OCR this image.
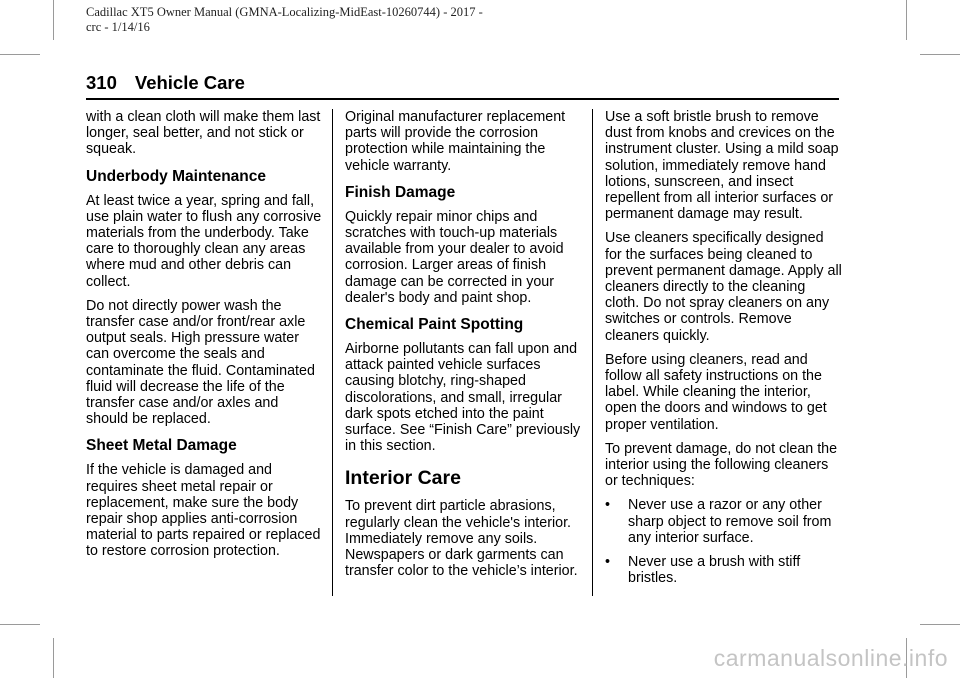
Cadillac XT5 Owner Manual (GMNA-Localizing-MidEast-10260744) - 2017 -
crc - 1/14/16
310 Vehicle Care

with a clean cloth will make them last longer, seal better, and not stick or squeak.

Underbody Maintenance

At least twice a year, spring and fall, use plain water to flush any corrosive materials from the underbody. Take care to thoroughly clean any areas where mud and other debris can collect.

Do not directly power wash the transfer case and/or front/rear axle output seals. High pressure water can overcome the seals and contaminate the fluid. Contaminated fluid will decrease the life of the transfer case and/or axles and should be replaced.

Sheet Metal Damage

If the vehicle is damaged and requires sheet metal repair or replacement, make sure the body repair shop applies anti-corrosion material to parts repaired or replaced to restore corrosion protection.

Original manufacturer replacement parts will provide the corrosion protection while maintaining the vehicle warranty.

Finish Damage

Quickly repair minor chips and scratches with touch-up materials available from your dealer to avoid corrosion. Larger areas of finish damage can be corrected in your dealer's body and paint shop.

Chemical Paint Spotting

Airborne pollutants can fall upon and attack painted vehicle surfaces causing blotchy, ring-shaped discolorations, and small, irregular dark spots etched into the paint surface. See “Finish Care” previously in this section.

Interior Care

To prevent dirt particle abrasions, regularly clean the vehicle's interior. Immediately remove any soils. Newspapers or dark garments can transfer color to the vehicle’s interior.

Use a soft bristle brush to remove dust from knobs and crevices on the instrument cluster. Using a mild soap solution, immediately remove hand lotions, sunscreen, and insect repellent from all interior surfaces or permanent damage may result.

Use cleaners specifically designed for the surfaces being cleaned to prevent permanent damage. Apply all cleaners directly to the cleaning cloth. Do not spray cleaners on any switches or controls. Remove cleaners quickly.

Before using cleaners, read and follow all safety instructions on the label. While cleaning the interior, open the doors and windows to get proper ventilation.

To prevent damage, do not clean the interior using the following cleaners or techniques:

•	Never use a razor or any other sharp object to remove soil from any interior surface.
•	Never use a brush with stiff bristles.
carmanualsonline.info
